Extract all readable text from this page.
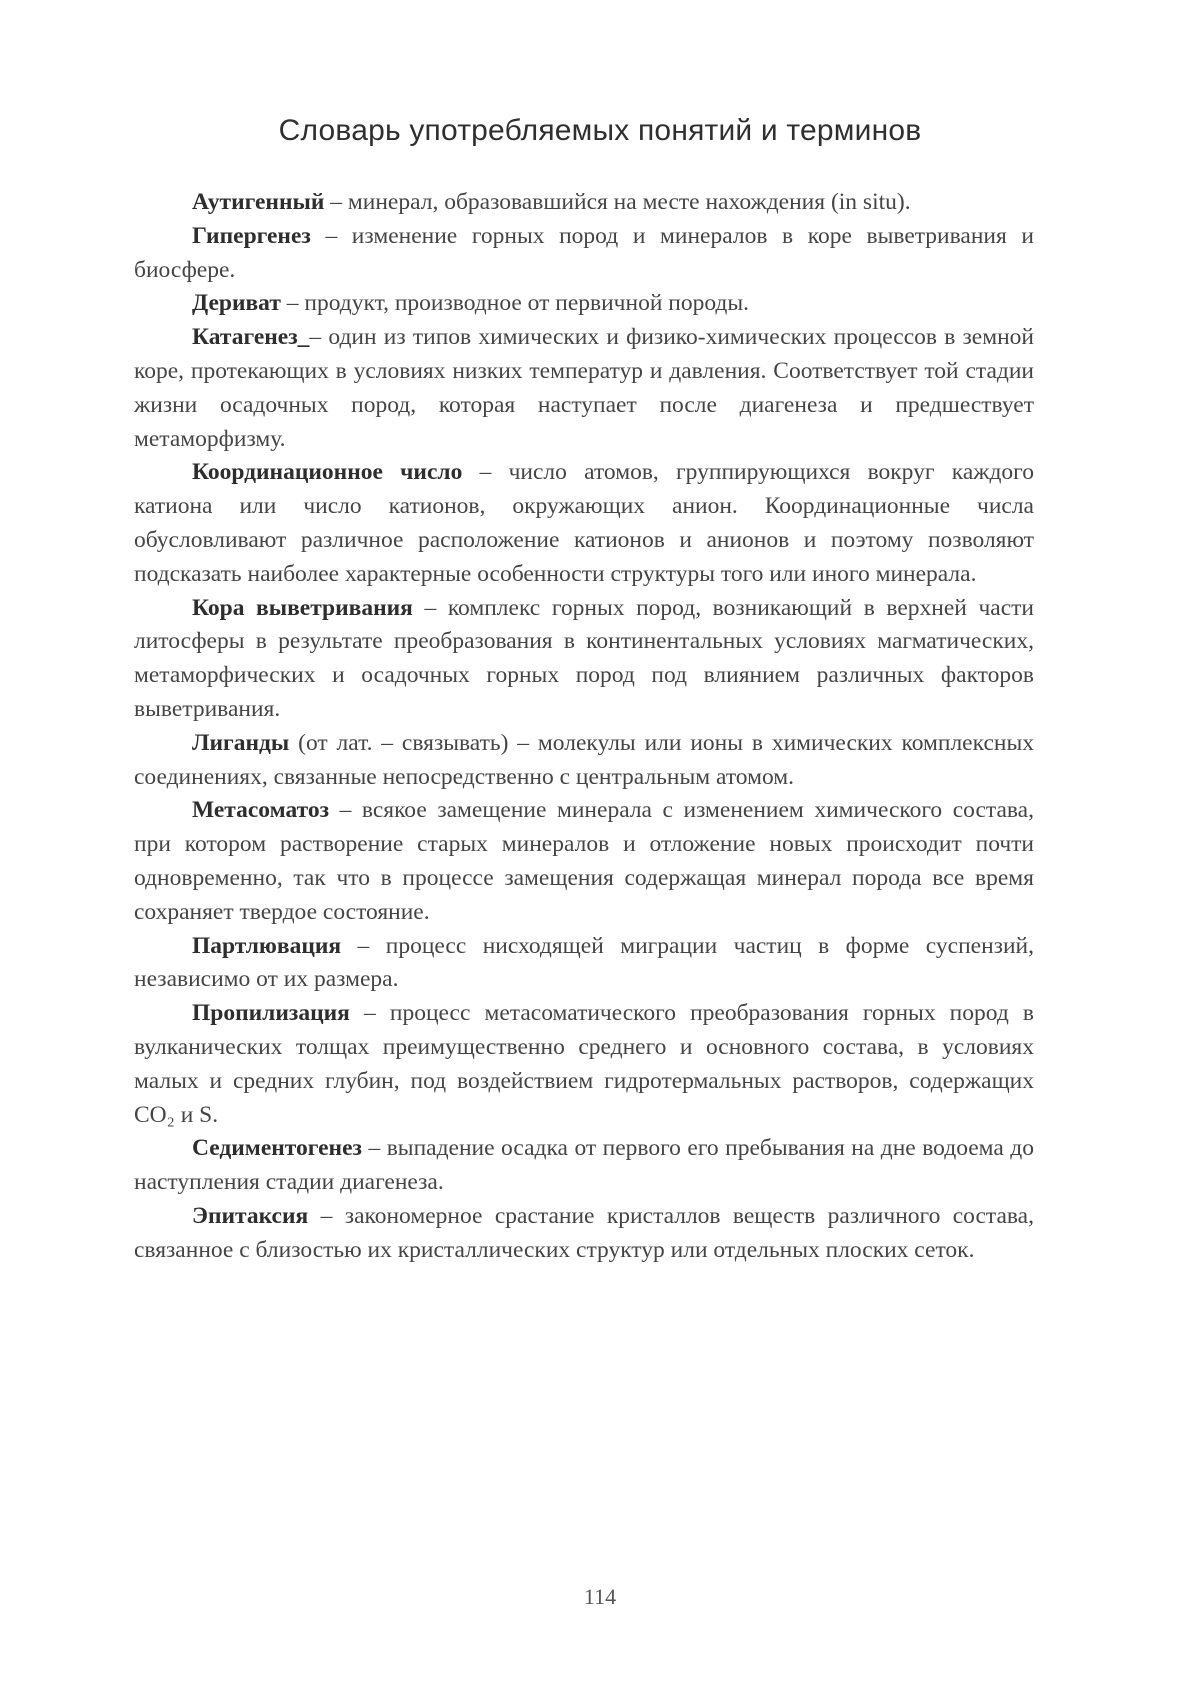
Словарь употребляемых понятий и терминов

Аутигенный – минерал, образовавшийся на месте нахождения (in situ).

Гипергенез – изменение горных пород и минералов в коре выветривания и биосфере.

Дериват – продукт, производное от первичной породы.

Катагенез_– один из типов химических и физико-химических процессов в земной коре, протекающих в условиях низких температур и давления. Соответствует той стадии жизни осадочных пород, которая наступает после диагенеза и предшествует метаморфизму.

Координационное число – число атомов, группирующихся вокруг каждого катиона или число катионов, окружающих анион. Координационные числа обусловливают различное расположение катионов и анионов и поэтому позволяют подсказать наиболее характерные особенности структуры того или иного минерала.

Кора выветривания – комплекс горных пород, возникающий в верхней части литосферы в результате преобразования в континентальных условиях магматических, метаморфических и осадочных горных пород под влиянием различных факторов выветривания.

Лиганды (от лат. – связывать) – молекулы или ионы в химических комплексных соединениях, связанные непосредственно с центральным атомом.

Метасоматоз – всякое замещение минерала с изменением химического состава, при котором растворение старых минералов и отложение новых происходит почти одновременно, так что в процессе замещения содержащая минерал порода все время сохраняет твердое состояние.

Партлювация – процесс нисходящей миграции частиц в форме суспензий, независимо от их размера.

Пропилизация – процесс метасоматического преобразования горных пород в вулканических толщах преимущественно среднего и основного состава, в условиях малых и средних глубин, под воздействием гидротермальных растворов, содержащих CO₂ и S.

Седиментогенез – выпадение осадка от первого его пребывания на дне водоема до наступления стадии диагенеза.

Эпитаксия – закономерное срастание кристаллов веществ различного состава, связанное с близостью их кристаллических структур или отдельных плоских сеток.

114
